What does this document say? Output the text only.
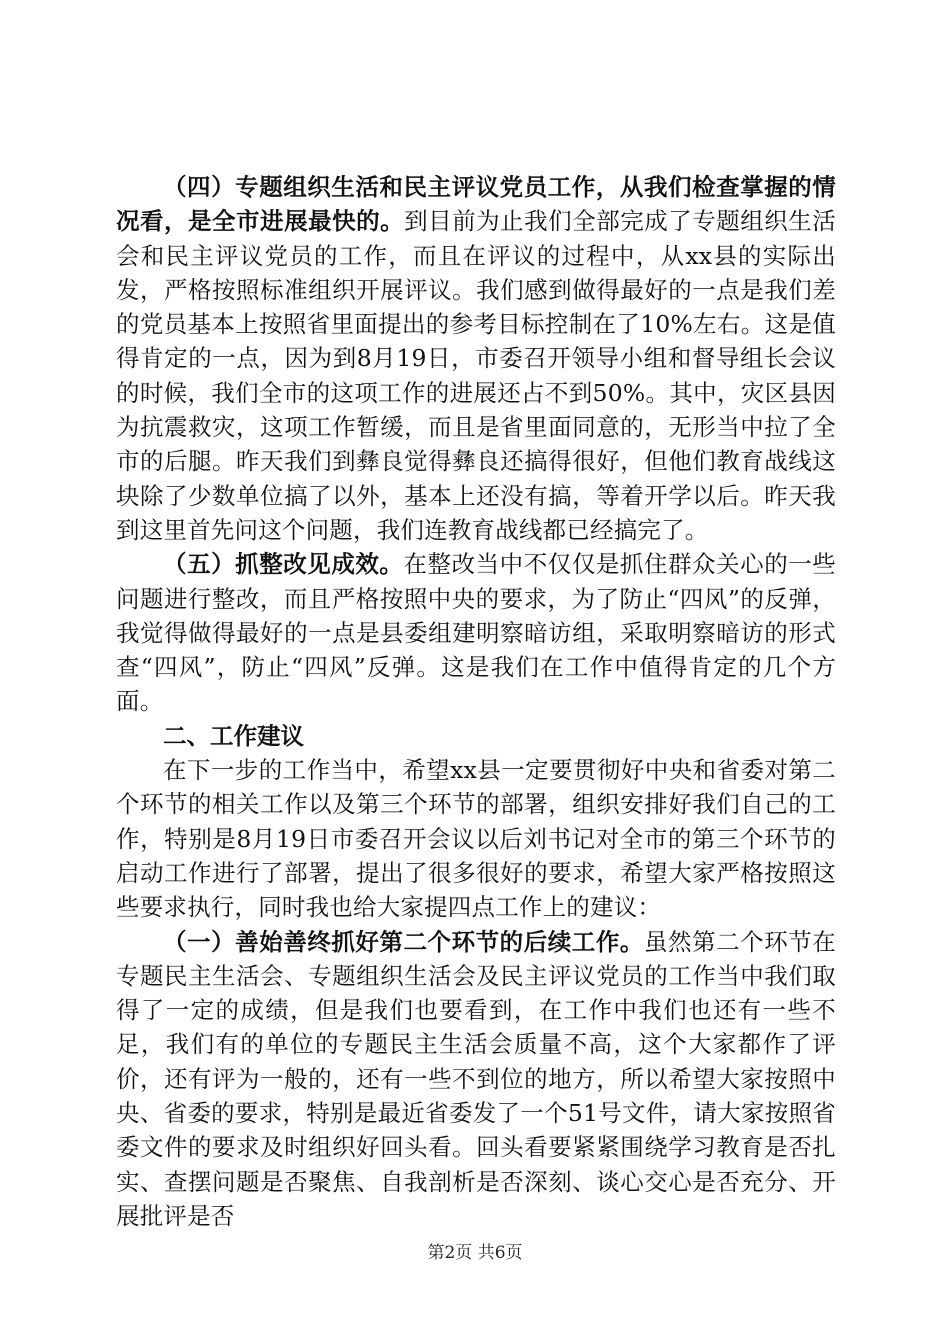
（四）专题组织生活和民主评议党员工作，从我们检查掌握的情况看，是全市进展最快的。到目前为止我们全部完成了专题组织生活会和民主评议党员的工作，而且在评议的过程中，从xx县的实际出发，严格按照标准组织开展评议。我们感到做得最好的一点是我们差的党员基本上按照省里面提出的参考目标控制在了10%左右。这是值得肯定的一点，因为到8月19日，市委召开领导小组和督导组长会议的时候，我们全市的这项工作的进展还占不到50%。其中，灾区县因为抗震救灾，这项工作暂缓，而且是省里面同意的，无形当中拉了全市的后腿。昨天我们到彝良觉得彝良还搞得很好，但他们教育战线这块除了少数单位搞了以外，基本上还没有搞，等着开学以后。昨天我到这里首先问这个问题，我们连教育战线都已经搞完了。

（五）抓整改见成效。在整改当中不仅仅是抓住群众关心的一些问题进行整改，而且严格按照中央的要求，为了防止“四风”的反弹，我觉得做得最好的一点是县委组建明察暗访组，采取明察暗访的形式查“四风”，防止“四风”反弹。这是我们在工作中值得肯定的几个方面。

二、工作建议

在下一步的工作当中，希望xx县一定要贯彻好中央和省委对第二个环节的相关工作以及第三个环节的部署，组织安排好我们自己的工作，特别是8月19日市委召开会议以后刘书记对全市的第三个环节的启动工作进行了部署，提出了很多很好的要求，希望大家严格按照这些要求执行，同时我也给大家提四点工作上的建议：

（一）善始善终抓好第二个环节的后续工作。虽然第二个环节在专题民主生活会、专题组织生活会及民主评议党员的工作当中我们取得了一定的成绩，但是我们也要看到，在工作中我们也还有一些不足，我们有的单位的专题民主生活会质量不高，这个大家都作了评价，还有评为一般的，还有一些不到位的地方，所以希望大家按照中央、省委的要求，特别是最近省委发了一个51号文件，请大家按照省委文件的要求及时组织好回头看。回头看要紧紧围绕学习教育是否扎实、查摆问题是否聚焦、自我剖析是否深刻、谈心交心是否充分、开展批评是否

第2页 共6页
